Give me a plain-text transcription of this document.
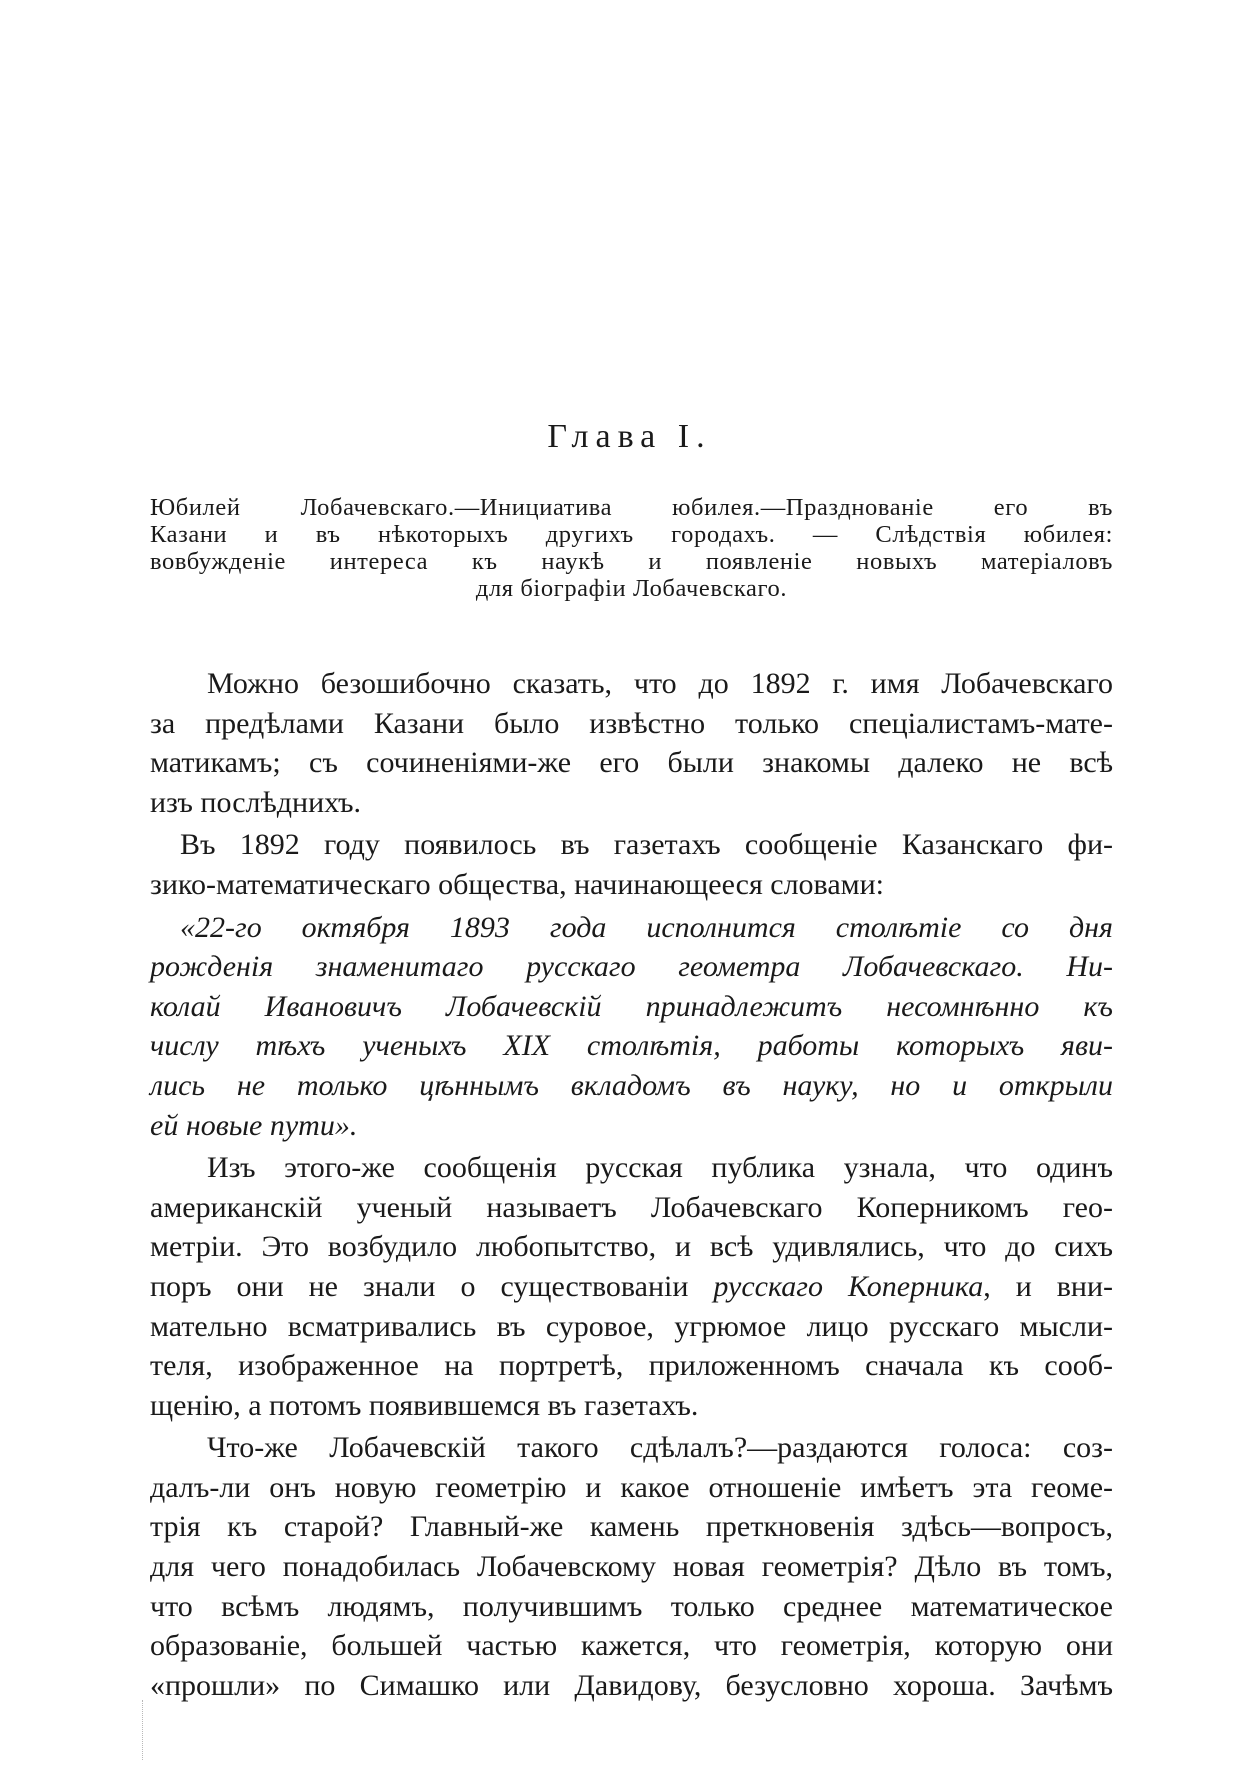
Глава I.

Юбилей Лобачевскаго.—Инициатива юбилея.—Празднованіе его въ
Казани и въ нѣкоторыхъ другихъ городахъ. — Слѣдствія юбилея:
вовбужденіе интереса къ наукѣ и появленіе новыхъ матеріаловъ
для біографіи Лобачевскаго.

Можно безошибочно сказать, что до 1892 г. имя Лобачевскаго
за предѣлами Казани было извѣстно только спеціалистамъ-мате-
матикамъ; съ сочиненіями-же его были знакомы далеко не всѣ
изъ послѣднихъ.

Въ 1892 году появилось въ газетахъ сообщеніе Казанскаго фи-
зико-математическаго общества, начинающееся словами:

«22-го октября 1893 года исполнится столѣтіе со дня
рожденія знаменитаго русскаго геометра Лобачевскаго. Ни-
колай Ивановичъ Лобачевскій принадлежитъ несомнѣнно къ
числу тѣхъ ученыхъ XIX столѣтія, работы которыхъ яви-
лись не только цѣннымъ вкладомъ въ науку, но и открыли
ей новые пути».

Изъ этого-же сообщенія русская публика узнала, что одинъ
американскій ученый называетъ Лобачевскаго Коперникомъ гео-
метріи. Это возбудило любопытство, и всѣ удивлялись, что до сихъ
поръ они не знали о существованіи русскаго Коперника, и вни-
мательно всматривались въ суровое, угрюмое лицо русскаго мысли-
теля, изображенное на портретѣ, приложенномъ сначала къ сооб-
щенію, а потомъ появившемся въ газетахъ.

Что-же Лобачевскій такого сдѣлалъ?—раздаются голоса: соз-
далъ-ли онъ новую геометрію и какое отношеніе имѣетъ эта геоме-
трія къ старой? Главный-же камень преткновенія здѣсь—вопросъ,
для чего понадобилась Лобачевскому новая геометрія? Дѣло въ томъ,
что всѣмъ людямъ, получившимъ только среднее математическое
образованіе, большей частью кажется, что геометрія, которую они
«прошли» по Симашко или Давидову, безусловно хороша. Зачѣмъ
